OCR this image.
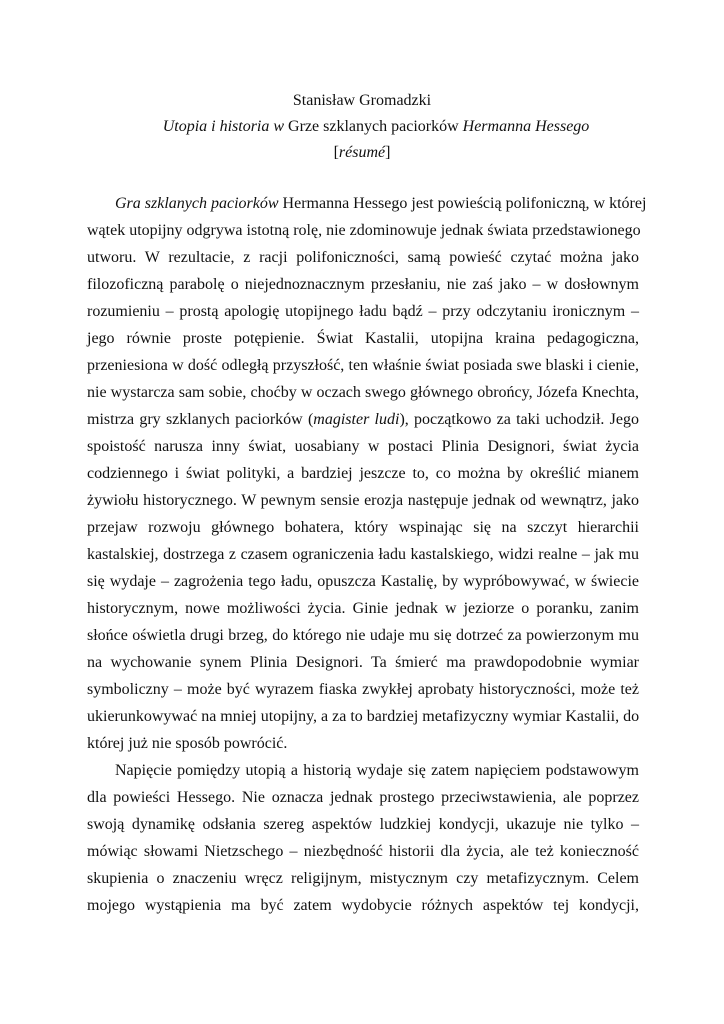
Stanisław Gromadzki
Utopia i historia w Grze szklanych paciorków Hermanna Hessego
[résumé]
Gra szklanych paciorków Hermanna Hessego jest powieścią polifoniczną, w której
wątek utopijny odgrywa istotną rolę, nie zdominowuje jednak świata przedstawionego
utworu. W rezultacie, z racji polifoniczności, samą powieść czytać można jako
filozoficzną parabolę o niejednoznacznym przesłaniu, nie zaś jako – w dosłownym
rozumieniu – prostą apologię utopijnego ładu bądź – przy odczytaniu ironicznym –
jego równie proste potępienie. Świat Kastalii, utopijna kraina pedagogiczna,
przeniesiona w dość odległą przyszłość, ten właśnie świat posiada swe blaski i cienie,
nie wystarcza sam sobie, choćby w oczach swego głównego obrońcy, Józefa Knechta,
mistrza gry szklanych paciorków (magister ludi), początkowo za taki uchodził. Jego
spoistość narusza inny świat, uosabiany w postaci Plinia Designori, świat życia
codziennego i świat polityki, a bardziej jeszcze to, co można by określić mianem
żywiołu historycznego. W pewnym sensie erozja następuje jednak od wewnątrz, jako
przejaw rozwoju głównego bohatera, który wspinając się na szczyt hierarchii
kastalskiej, dostrzega z czasem ograniczenia ładu kastalskiego, widzi realne – jak mu
się wydaje – zagrożenia tego ładu, opuszcza Kastalię, by wypróbowywać, w świecie
historycznym, nowe możliwości życia. Ginie jednak w jeziorze o poranku, zanim
słońce oświetla drugi brzeg, do którego nie udaje mu się dotrzeć za powierzonym mu
na wychowanie synem Plinia Designori. Ta śmierć ma prawdopodobnie wymiar
symboliczny – może być wyrazem fiaska zwykłej aprobaty historyczności, może też
ukierunkowywać na mniej utopijny, a za to bardziej metafizyczny wymiar Kastalii, do
której już nie sposób powrócić.
Napięcie pomiędzy utopią a historią wydaje się zatem napięciem podstawowym
dla powieści Hessego. Nie oznacza jednak prostego przeciwstawienia, ale poprzez
swoją dynamikę odsłania szereg aspektów ludzkiej kondycji, ukazuje nie tylko –
mówiąc słowami Nietzschego – niezbędność historii dla życia, ale też konieczność
skupienia o znaczeniu wręcz religijnym, mistycznym czy metafizycznym. Celem
mojego wystąpienia ma być zatem wydobycie różnych aspektów tej kondycji,
